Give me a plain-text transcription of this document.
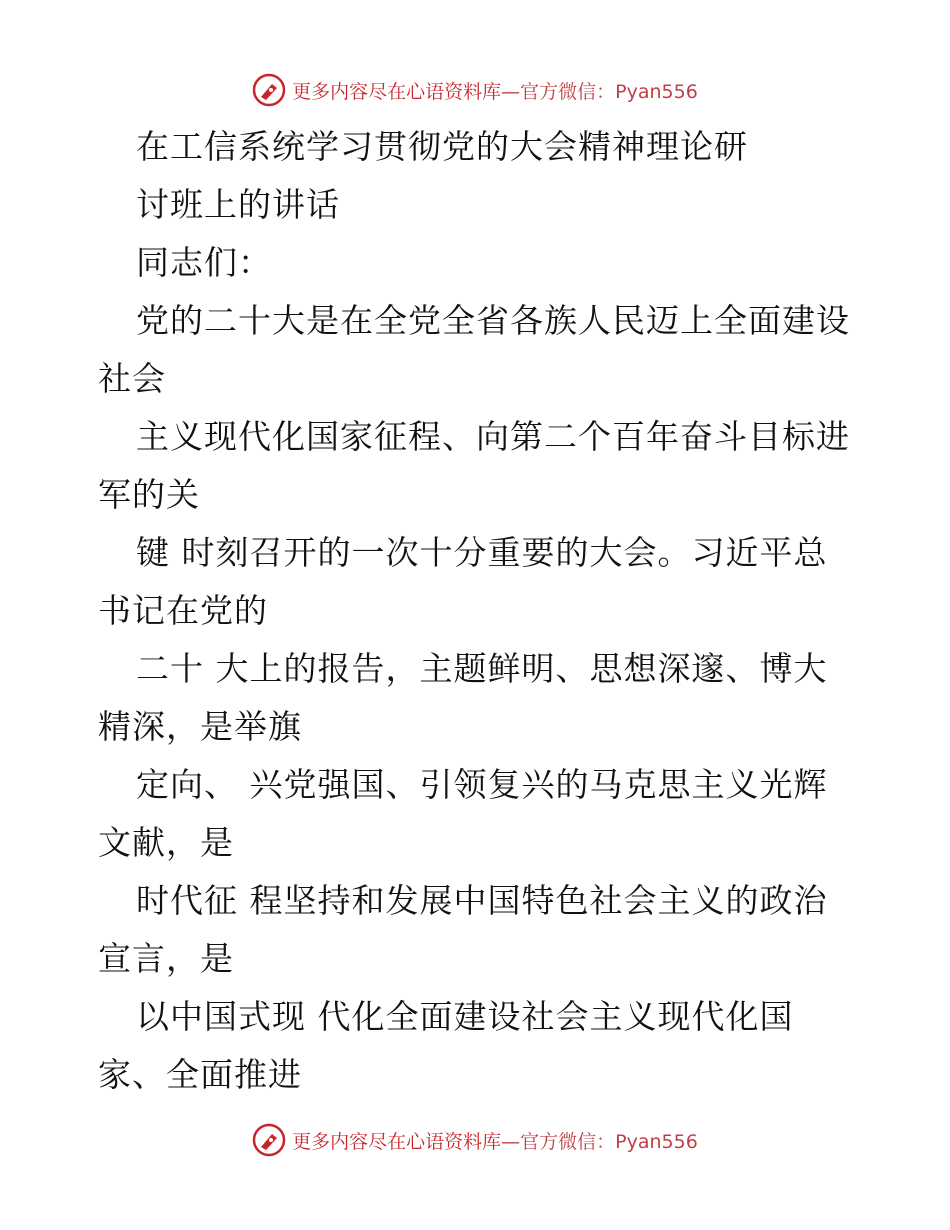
更多内容尽在心语资料库—官方微信：Pyan556
在工信系统学习贯彻党的大会精神理论研
讨班上的讲话
同志们：
党的二十大是在全党全省各族人民迈上全面建设
社会
主义现代化国家征程、向第二个百年奋斗目标进
军的关
键 时刻召开的一次十分重要的大会。习近平总
书记在党的
二十 大上的报告，主题鲜明、思想深邃、博大
精深，是举旗
定向、 兴党强国、引领复兴的马克思主义光辉
文献，是
时代征 程坚持和发展中国特色社会主义的政治
宣言，是
以中国式现 代化全面建设社会主义现代化国
家、全面推进
更多内容尽在心语资料库—官方微信：Pyan556
